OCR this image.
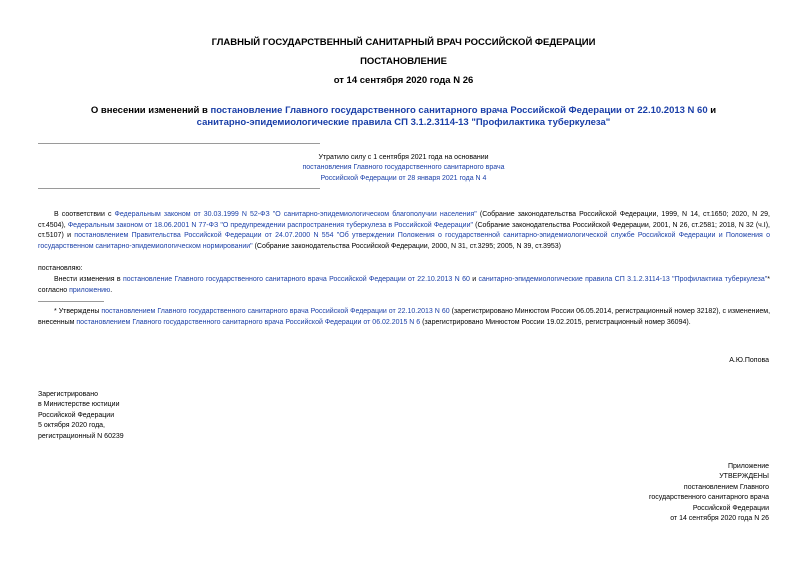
ГЛАВНЫЙ ГОСУДАРСТВЕННЫЙ САНИТАРНЫЙ ВРАЧ РОССИЙСКОЙ ФЕДЕРАЦИИ
ПОСТАНОВЛЕНИЕ
от 14 сентября 2020 года N 26
О внесении изменений в постановление Главного государственного санитарного врача Российской Федерации от 22.10.2013 N 60 и санитарно-эпидемиологические правила СП 3.1.2.3114-13 "Профилактика туберкулеза"
Утратило силу с 1 сентября 2021 года на основании
постановления Главного государственного санитарного врача
Российской Федерации от 28 января 2021 года N 4
В соответствии с Федеральным законом от 30.03.1999 N 52-ФЗ "О санитарно-эпидемиологическом благополучии населения" (Собрание законодательства Российской Федерации, 1999, N 14, ст.1650; 2020, N 29, ст.4504), Федеральным законом от 18.06.2001 N 77-ФЗ "О предупреждении распространения туберкулеза в Российской Федерации" (Собрание законодательства Российской Федерации, 2001, N 26, ст.2581; 2018, N 32 (ч.I), ст.5107) и постановлением Правительства Российской Федерации от 24.07.2000 N 554 "Об утверждении Положения о государственной санитарно-эпидемиологической службе Российской Федерации и Положения о государственном санитарно-эпидемиологическом нормировании" (Собрание законодательства Российской Федерации, 2000, N 31, ст.3295; 2005, N 39, ст.3953)
постановляю:
Внести изменения в постановление Главного государственного санитарного врача Российской Федерации от 22.10.2013 N 60 и санитарно-эпидемиологические правила СП 3.1.2.3114-13 "Профилактика туберкулеза"* согласно приложению.
* Утверждены постановлением Главного государственного санитарного врача Российской Федерации от 22.10.2013 N 60 (зарегистрировано Минюстом России 06.05.2014, регистрационный номер 32182), с изменением, внесенным постановлением Главного государственного санитарного врача Российской Федерации от 06.02.2015 N 6 (зарегистрировано Минюстом России 19.02.2015, регистрационный номер 36094).
А.Ю.Попова
Зарегистрировано
в Министерстве юстиции
Российской Федерации
5 октября 2020 года,
регистрационный N 60239
Приложение
УТВЕРЖДЕНЫ
постановлением Главного
государственного санитарного врача
Российской Федерации
от 14 сентября 2020 года N 26
